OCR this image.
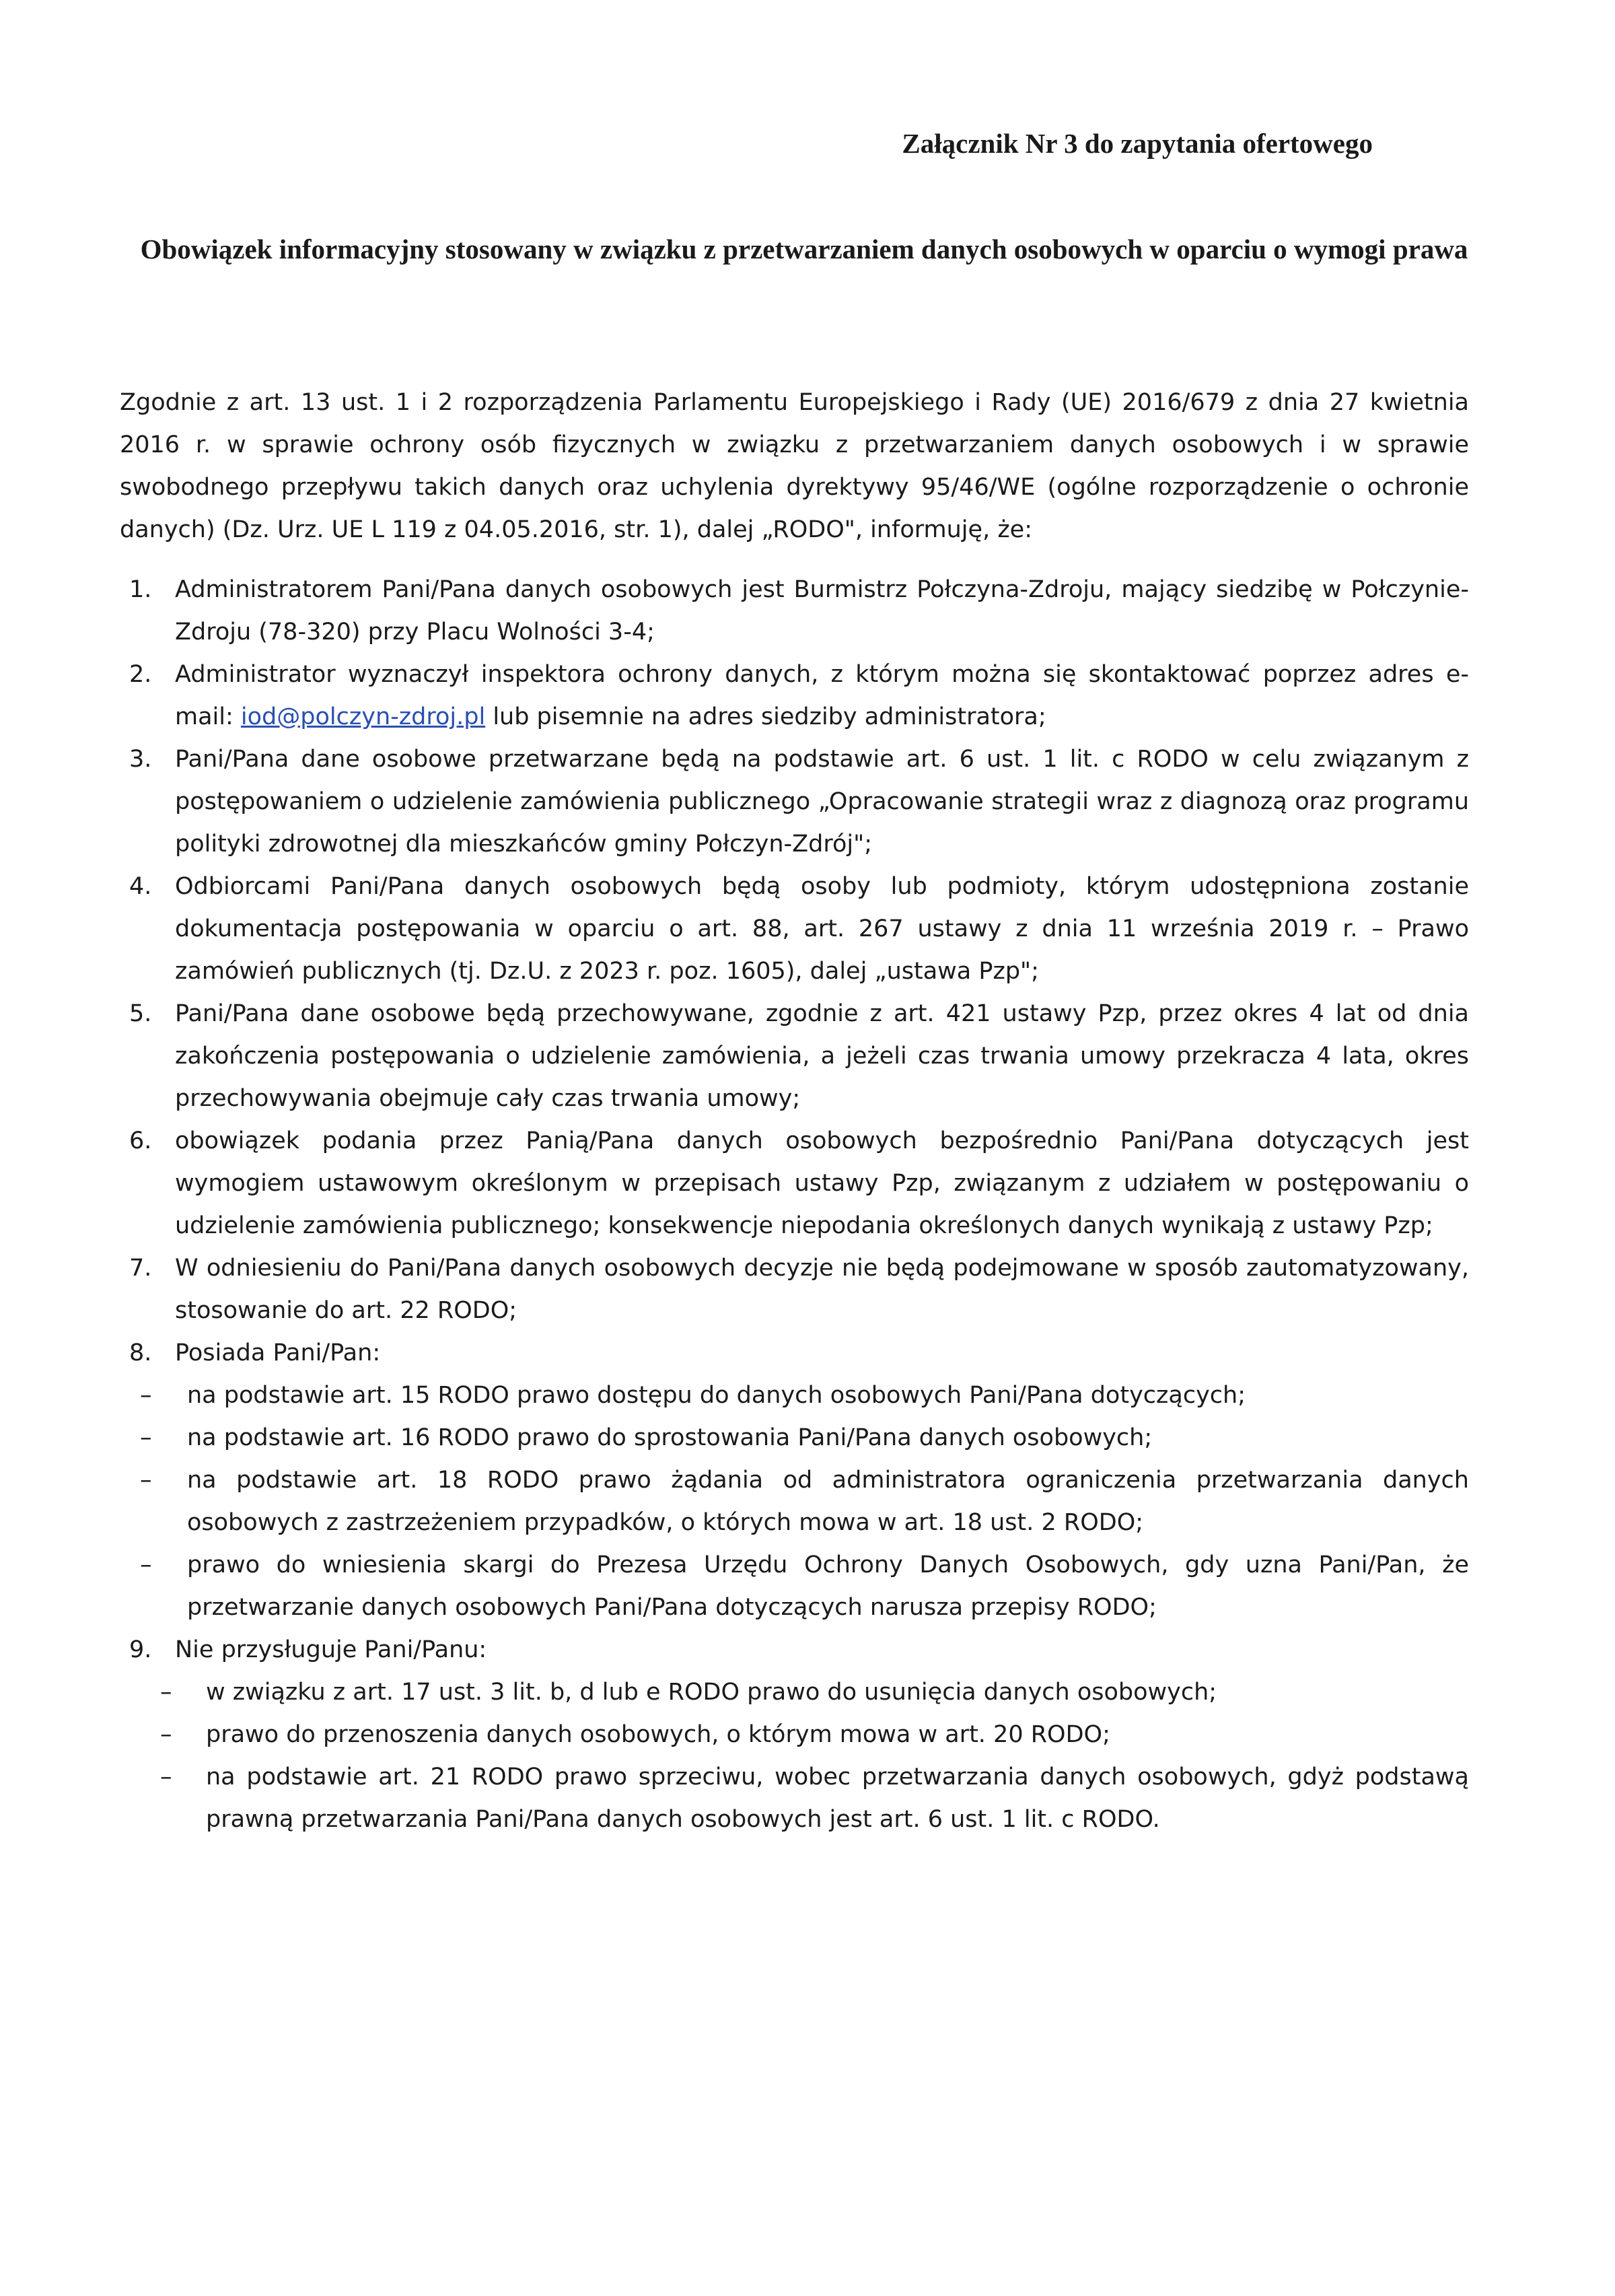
Załącznik Nr 3 do zapytania ofertowego
Obowiązek informacyjny stosowany w związku z przetwarzaniem danych osobowych w oparciu o wymogi prawa

Zgodnie z art. 13 ust. 1 i 2 rozporządzenia Parlamentu Europejskiego i Rady (UE) 2016/679 z dnia 27 kwietnia 2016 r. w sprawie ochrony osób fizycznych w związku z przetwarzaniem danych osobowych i w sprawie swobodnego przepływu takich danych oraz uchylenia dyrektywy 95/46/WE (ogólne rozporządzenie o ochronie danych) (Dz. Urz. UE L 119 z 04.05.2016, str. 1), dalej „RODO", informuję, że:

1. Administratorem Pani/Pana danych osobowych jest Burmistrz Połczyna-Zdroju, mający siedzibę w Połczynie-Zdroju (78-320) przy Placu Wolności 3-4;
2. Administrator wyznaczył inspektora ochrony danych, z którym można się skontaktować poprzez adres e-mail: iod@polczyn-zdroj.pl lub pisemnie na adres siedziby administratora;
3. Pani/Pana dane osobowe przetwarzane będą na podstawie art. 6 ust. 1 lit. c RODO w celu związanym z postępowaniem o udzielenie zamówienia publicznego „Opracowanie strategii wraz z diagnozą oraz programu polityki zdrowotnej dla mieszkańców gminy Połczyn-Zdrój";
4. Odbiorcami Pani/Pana danych osobowych będą osoby lub podmioty, którym udostępniona zostanie dokumentacja postępowania w oparciu o art. 88, art. 267 ustawy z dnia 11 września 2019 r. – Prawo zamówień publicznych (tj. Dz.U. z 2023 r. poz. 1605), dalej „ustawa Pzp";
5. Pani/Pana dane osobowe będą przechowywane, zgodnie z art. 421 ustawy Pzp, przez okres 4 lat od dnia zakończenia postępowania o udzielenie zamówienia, a jeżeli czas trwania umowy przekracza 4 lata, okres przechowywania obejmuje cały czas trwania umowy;
6. obowiązek podania przez Panią/Pana danych osobowych bezpośrednio Pani/Pana dotyczących jest wymogiem ustawowym określonym w przepisach ustawy Pzp, związanym z udziałem w postępowaniu o udzielenie zamówienia publicznego; konsekwencje niepodania określonych danych wynikają z ustawy Pzp;
7. W odniesieniu do Pani/Pana danych osobowych decyzje nie będą podejmowane w sposób zautomatyzowany, stosowanie do art. 22 RODO;
8. Posiada Pani/Pan:
–	na podstawie art. 15 RODO prawo dostępu do danych osobowych Pani/Pana dotyczących;
–	na podstawie art. 16 RODO prawo do sprostowania Pani/Pana danych osobowych;
–	na podstawie art. 18 RODO prawo żądania od administratora ograniczenia przetwarzania danych osobowych z zastrzeżeniem przypadków, o których mowa w art. 18 ust. 2 RODO;
–	prawo do wniesienia skargi do Prezesa Urzędu Ochrony Danych Osobowych, gdy uzna Pani/Pan, że przetwarzanie danych osobowych Pani/Pana dotyczących narusza przepisy RODO;
9. Nie przysługuje Pani/Panu:
–	w związku z art. 17 ust. 3 lit. b, d lub e RODO prawo do usunięcia danych osobowych;
–	prawo do przenoszenia danych osobowych, o którym mowa w art. 20 RODO;
–	na podstawie art. 21 RODO prawo sprzeciwu, wobec przetwarzania danych osobowych, gdyż podstawą prawną przetwarzania Pani/Pana danych osobowych jest art. 6 ust. 1 lit. c RODO.
